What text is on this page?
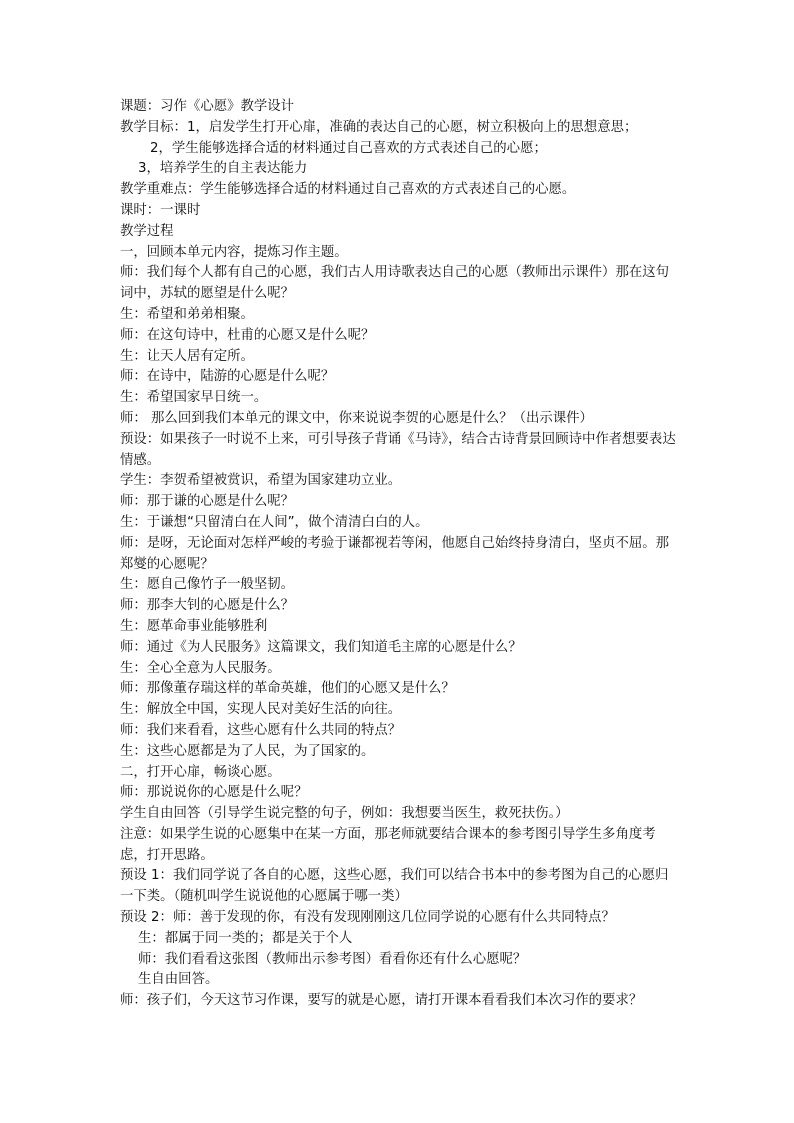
课题：习作《心愿》教学设计
教学目标：1，启发学生打开心扉，准确的表达自己的心愿，树立积极向上的思想意思；
2，学生能够选择合适的材料通过自己喜欢的方式表述自己的心愿；
3，培养学生的自主表达能力
教学重难点：学生能够选择合适的材料通过自己喜欢的方式表述自己的心愿。
课时：一课时
教学过程
一，回顾本单元内容，提炼习作主题。
师：我们每个人都有自己的心愿，我们古人用诗歌表达自己的心愿（教师出示课件）那在这句词中，苏轼的愿望是什么呢？
生：希望和弟弟相聚。
师：在这句诗中，杜甫的心愿又是什么呢？
生：让天人居有定所。
师：在诗中，陆游的心愿是什么呢？
生：希望国家早日统一。
师： 那么回到我们本单元的课文中，你来说说李贺的心愿是什么？（出示课件）
预设：如果孩子一时说不上来，可引导孩子背诵《马诗》，结合古诗背景回顾诗中作者想要表达情感。
学生：李贺希望被赏识，希望为国家建功立业。
师：那于谦的心愿是什么呢？
生：于谦想“只留清白在人间”，做个清清白白的人。
师：是呀，无论面对怎样严峻的考验于谦都视若等闲，他愿自己始终持身清白，坚贞不屈。那郑燮的心愿呢？
生：愿自己像竹子一般坚韧。
师：那李大钊的心愿是什么？
生：愿革命事业能够胜利
师：通过《为人民服务》这篇课文，我们知道毛主席的心愿是什么？
生：全心全意为人民服务。
师：那像董存瑞这样的革命英雄，他们的心愿又是什么？
生：解放全中国，实现人民对美好生活的向往。
师：我们来看看，这些心愿有什么共同的特点？
生：这些心愿都是为了人民，为了国家的。
二，打开心扉，畅谈心愿。
师：那说说你的心愿是什么呢？
学生自由回答（引导学生说完整的句子，例如：我想要当医生，救死扶伤。）
注意：如果学生说的心愿集中在某一方面，那老师就要结合课本的参考图引导学生多角度考虑，打开思路。
预设 1：我们同学说了各自的心愿，这些心愿，我们可以结合书本中的参考图为自己的心愿归一下类。（随机叫学生说说他的心愿属于哪一类）
预设 2：师：善于发现的你，有没有发现刚刚这几位同学说的心愿有什么共同特点？
生：都属于同一类的；都是关于个人
师：我们看看这张图（教师出示参考图）看看你还有什么心愿呢？
生自由回答。
师：孩子们，今天这节习作课，要写的就是心愿，请打开课本看看我们本次习作的要求？
